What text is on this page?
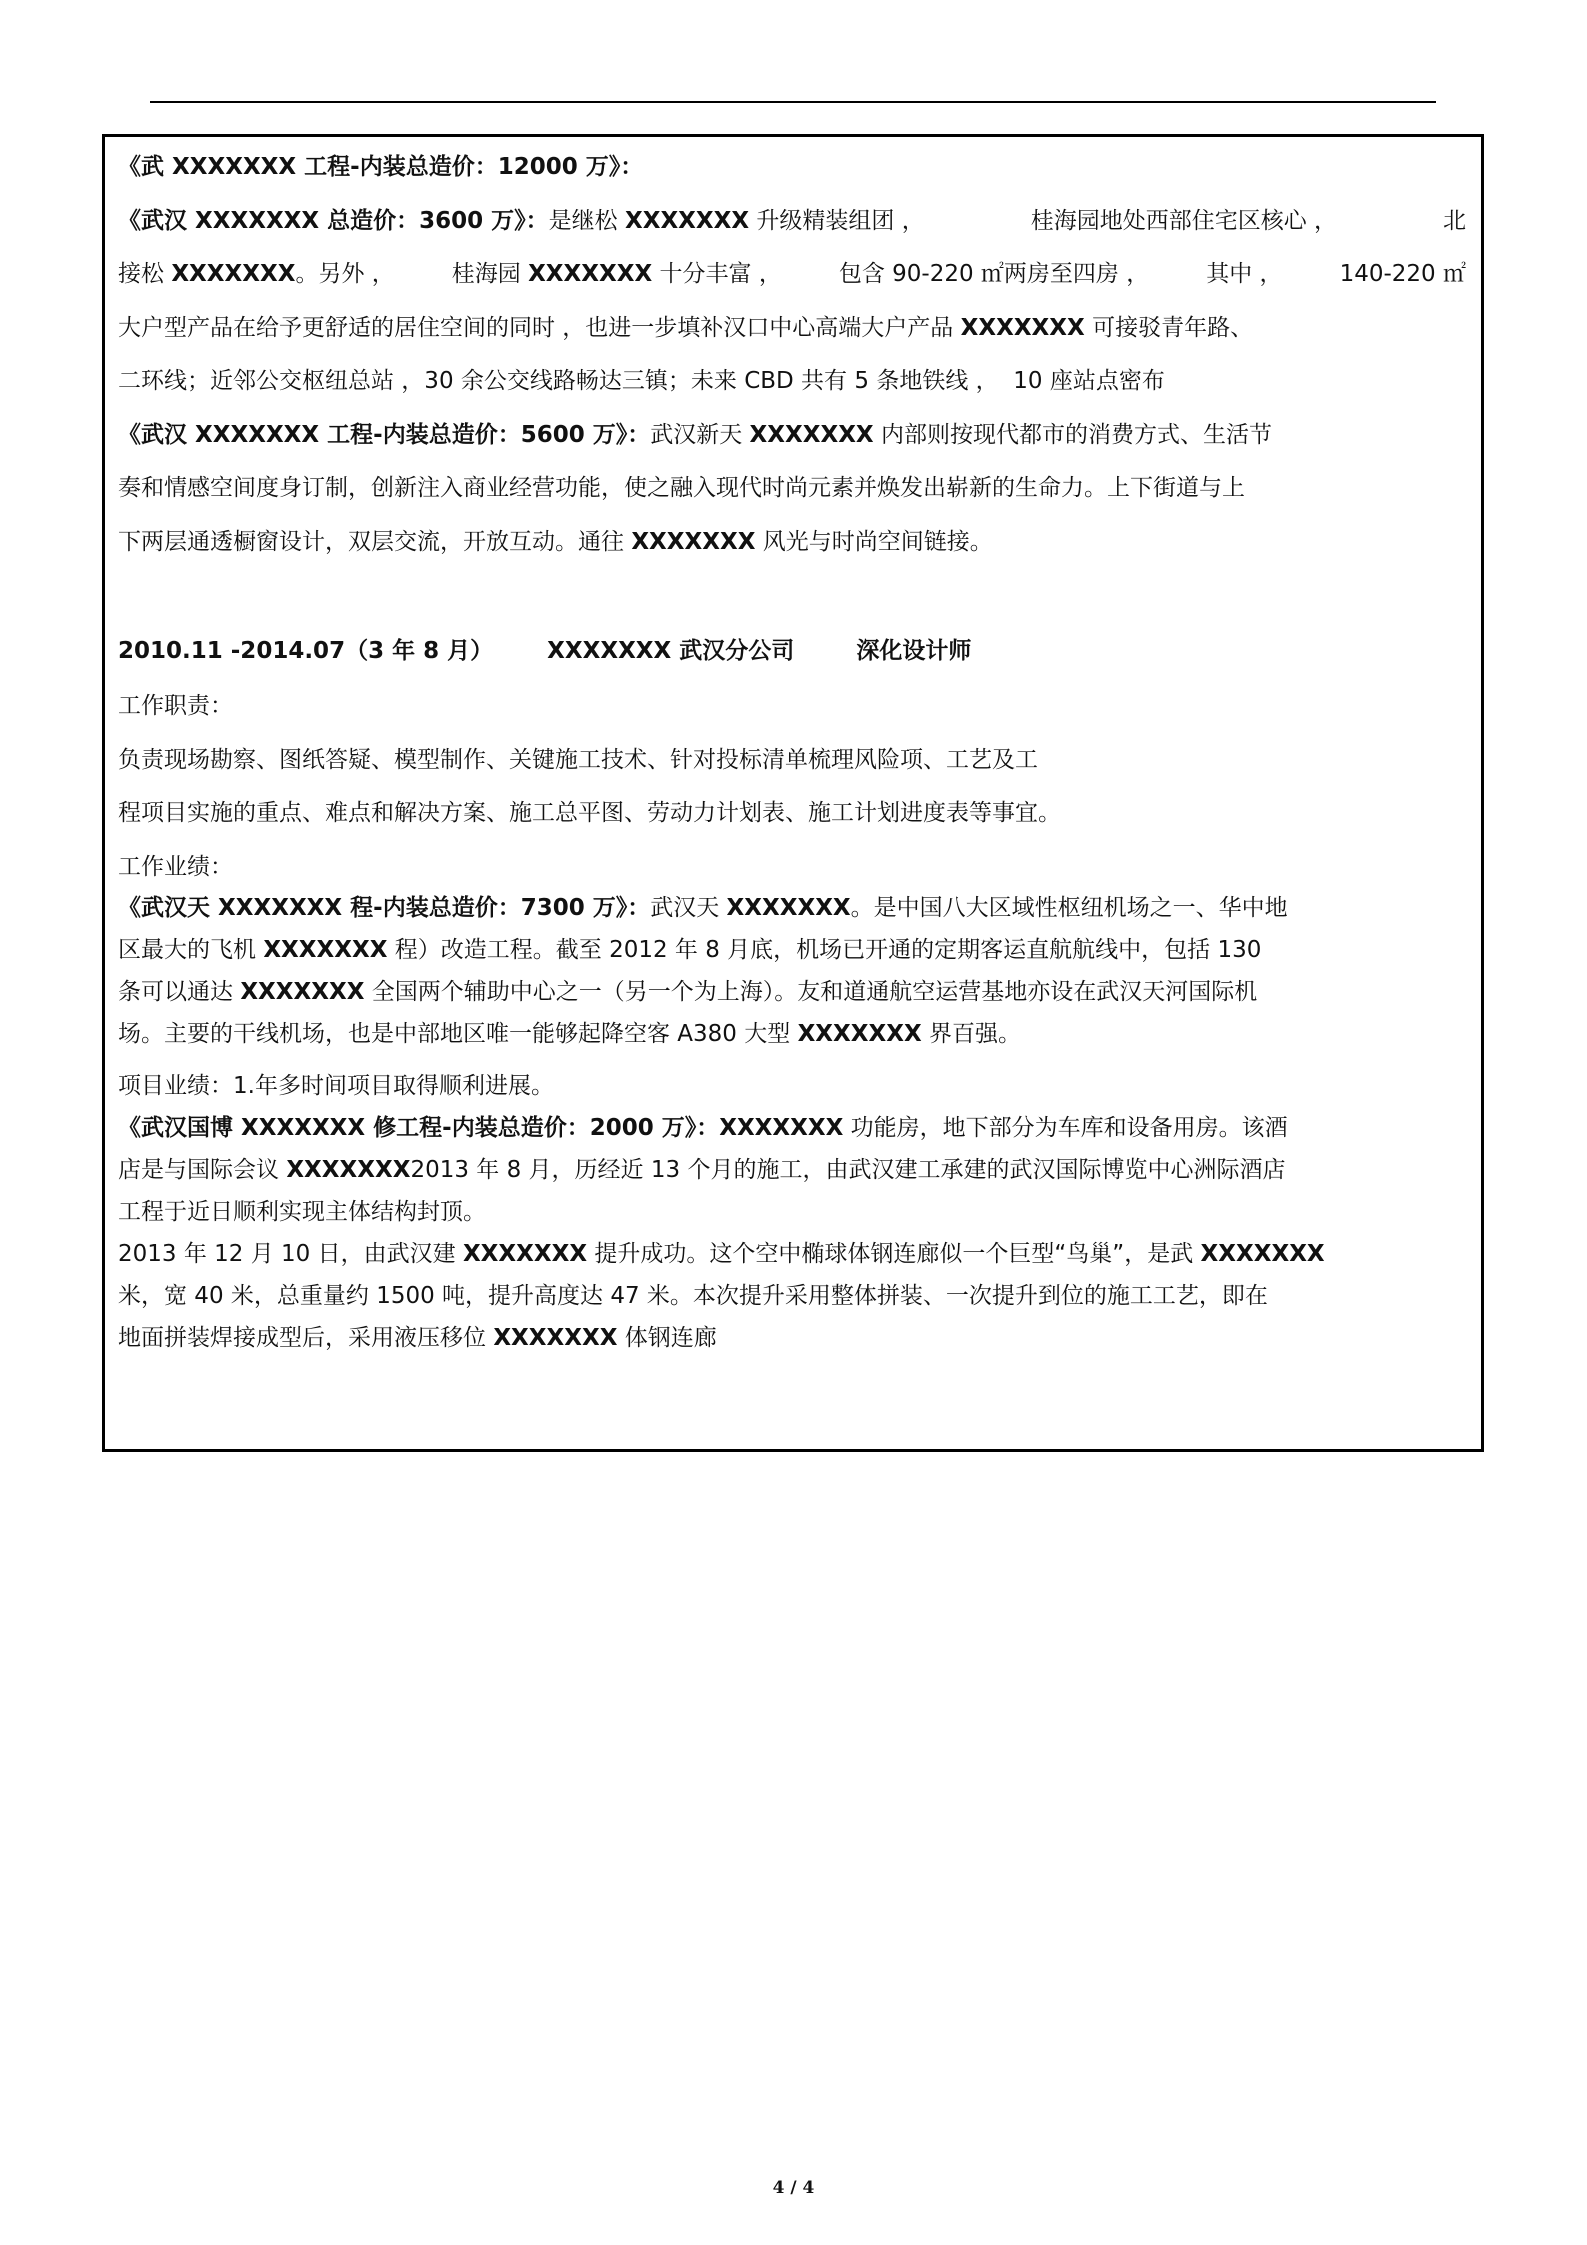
《武 XXXXXXX 工程-内装总造价：12000 万》：
《武汉 XXXXXXX 总造价：3600 万》：是继松 XXXXXXX 升级精装组团 ，	桂海园地处西部住宅区核心 ，	北
接松 XXXXXXX。另外 ， 桂海园 XXXXXXX 十分丰富 ， 包含 90-220 ㎡两房至四房 ， 其中 ， 140-220 ㎡
大户型产品在给予更舒适的居住空间的同时 ，也进一步填补汉口中心高端大户产品 XXXXXXX 可接驳青年路、
二环线；近邻公交枢纽总站 ，30 余公交线路畅达三镇；未来 CBD 共有 5 条地铁线 ， 10 座站点密布
《武汉 XXXXXXX 工程-内装总造价：5600 万》：武汉新天 XXXXXXX 内部则按现代都市的消费方式、生活节
奏和情感空间度身订制，创新注入商业经营功能，使之融入现代时尚元素并焕发出崭新的生命力。上下街道与上
下两层通透橱窗设计，双层交流，开放互动。通往 XXXXXXX 风光与时尚空间链接。
2010.11 -2014.07（3 年 8 月） XXXXXXX 武汉分公司	深化设计师
工作职责：
负责现场勘察、图纸答疑、模型制作、关键施工技术、针对投标清单梳理风险项、工艺及工
程项目实施的重点、难点和解决方案、施工总平图、劳动力计划表、施工计划进度表等事宜。
工作业绩：
《武汉天 XXXXXXX 程-内装总造价：7300 万》：武汉天 XXXXXXX。是中国八大区域性枢纽机场之一、华中地
区最大的飞机 XXXXXXX 程）改造工程。截至 2012 年 8 月底，机场已开通的定期客运直航航线中，包括 130
条可以通达 XXXXXXX 全国两个辅助中心之一（另一个为上海）。友和道通航空运营基地亦设在武汉天河国际机
场。主要的干线机场，也是中部地区唯一能够起降空客 A380 大型 XXXXXXX 界百强。
项目业绩：1.年多时间项目取得顺利进展。
《武汉国博 XXXXXXX 修工程-内装总造价：2000 万》：XXXXXXX 功能房，地下部分为车库和设备用房。该酒
店是与国际会议 XXXXXXX2013 年 8 月，历经近 13 个月的施工，由武汉建工承建的武汉国际博览中心洲际酒店
工程于近日顺利实现主体结构封顶。
2013 年 12 月 10 日，由武汉建 XXXXXXX 提升成功。这个空中椭球体钢连廊似一个巨型“鸟巢”，是武 XXXXXXX
米，宽 40 米，总重量约 1500 吨，提升高度达 47 米。本次提升采用整体拼装、一次提升到位的施工工艺，即在
地面拼装焊接成型后，采用液压移位 XXXXXXX 体钢连廊
4 / 4
